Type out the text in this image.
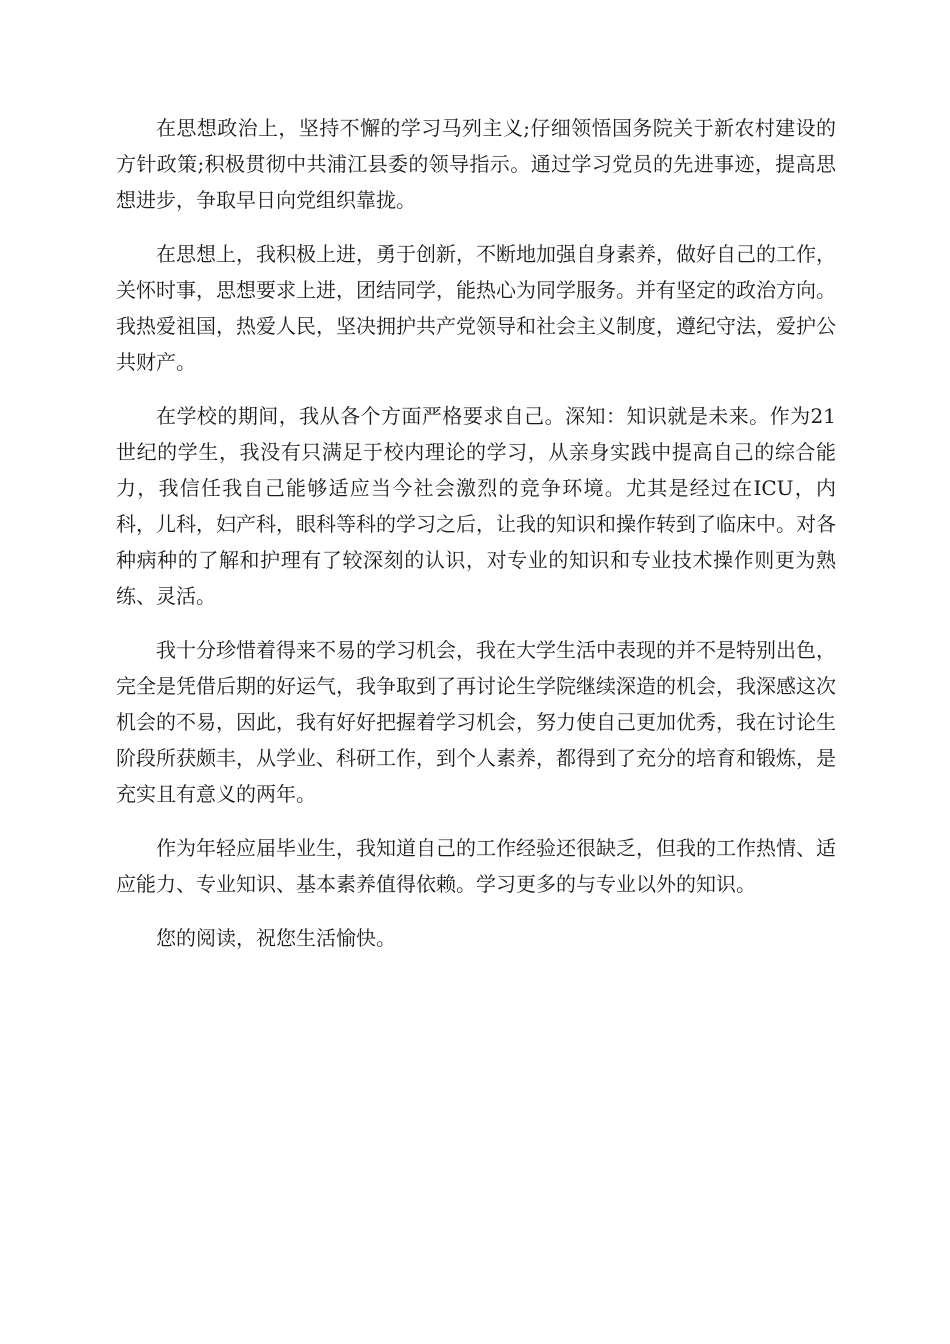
在思想政治上，坚持不懈的学习马列主义;仔细领悟国务院关于新农村建设的方针政策;积极贯彻中共浦江县委的领导指示。通过学习党员的先进事迹，提高思想进步，争取早日向党组织靠拢。

在思想上，我积极上进，勇于创新，不断地加强自身素养，做好自己的工作，关怀时事，思想要求上进，团结同学，能热心为同学服务。并有坚定的政治方向。我热爱祖国，热爱人民，坚决拥护共产党领导和社会主义制度，遵纪守法，爱护公共财产。

在学校的期间，我从各个方面严格要求自己。深知：知识就是未来。作为21世纪的学生，我没有只满足于校内理论的学习，从亲身实践中提高自己的综合能力，我信任我自己能够适应当今社会激烈的竞争环境。尤其是经过在ICU，内科，儿科，妇产科，眼科等科的学习之后，让我的知识和操作转到了临床中。对各种病种的了解和护理有了较深刻的认识，对专业的知识和专业技术操作则更为熟练、灵活。

我十分珍惜着得来不易的学习机会，我在大学生活中表现的并不是特别出色，完全是凭借后期的好运气，我争取到了再讨论生学院继续深造的机会，我深感这次机会的不易，因此，我有好好把握着学习机会，努力使自己更加优秀，我在讨论生阶段所获颇丰，从学业、科研工作，到个人素养，都得到了充分的培育和锻炼，是充实且有意义的两年。

作为年轻应届毕业生，我知道自己的工作经验还很缺乏，但我的工作热情、适应能力、专业知识、基本素养值得依赖。学习更多的与专业以外的知识。

您的阅读，祝您生活愉快。
